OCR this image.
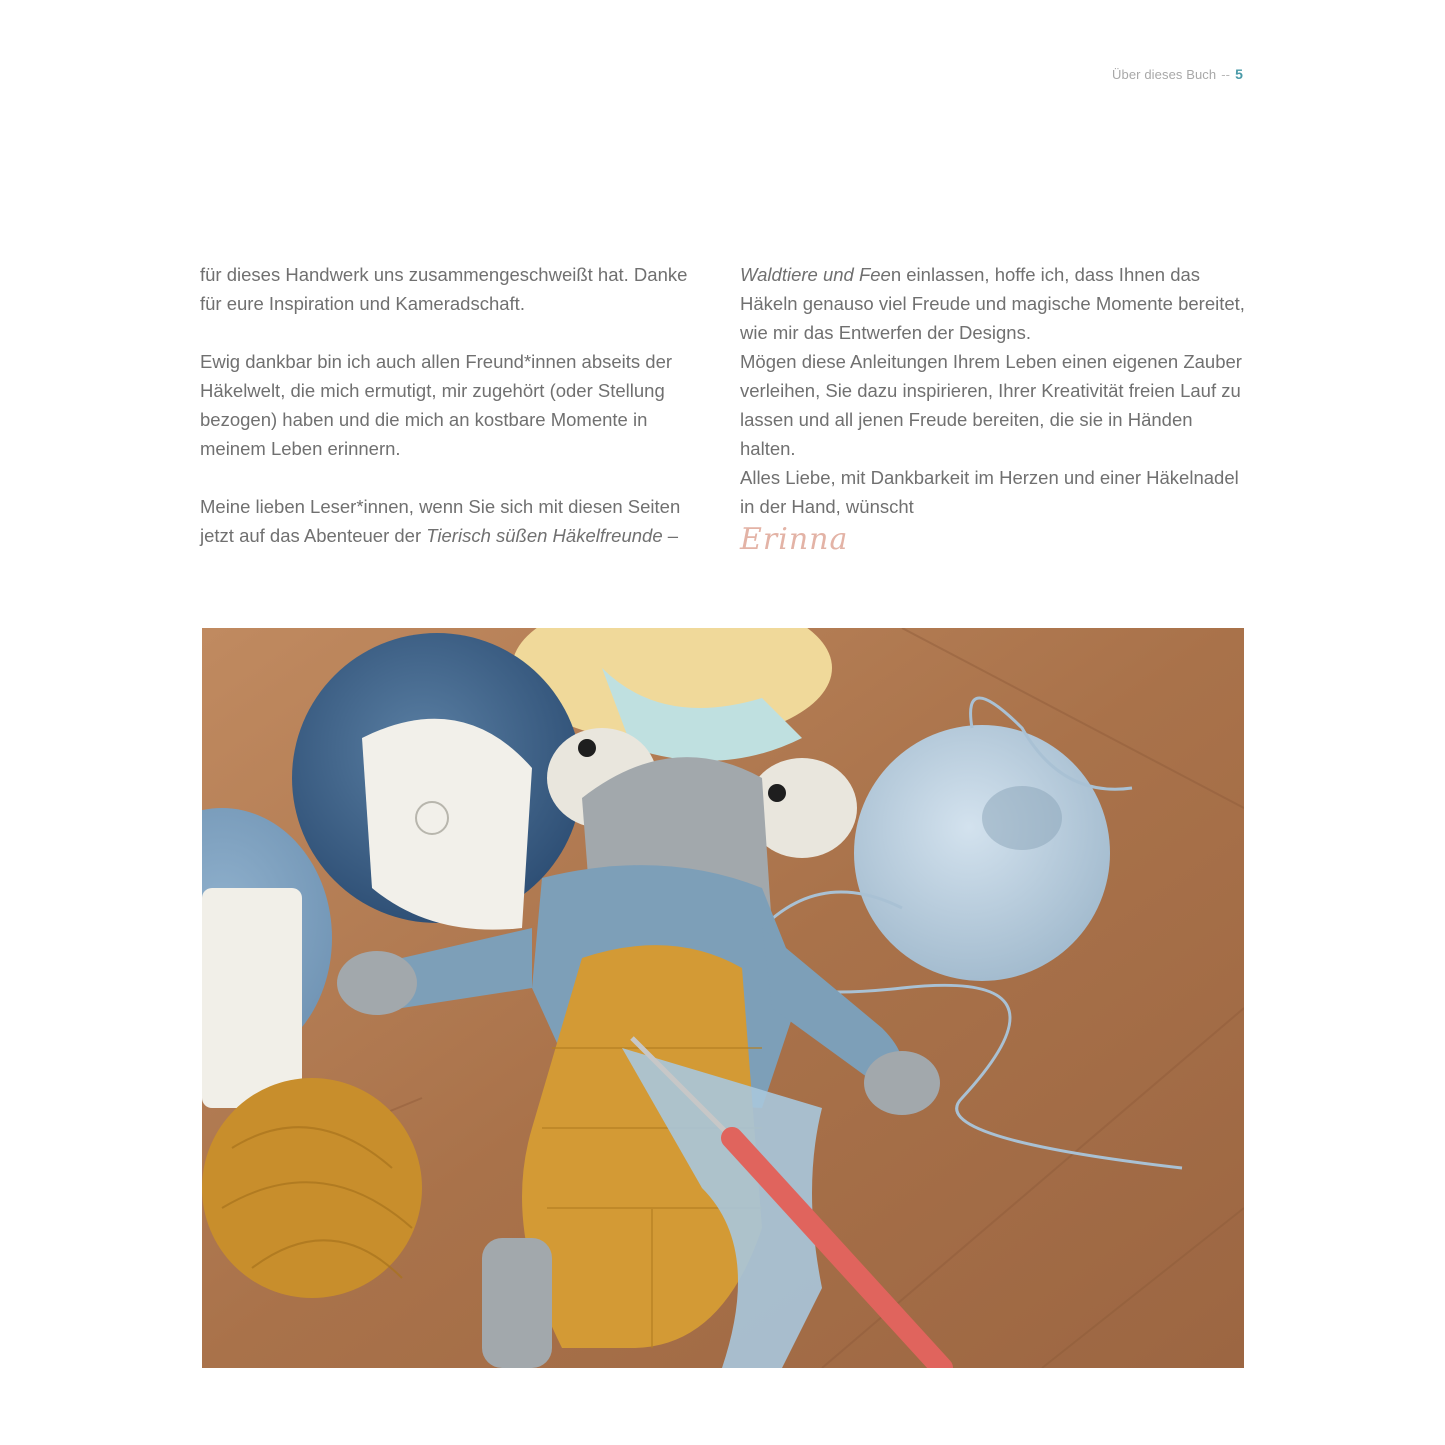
Über dieses Buch -- 5

für dieses Handwerk uns zusammengeschweißt hat. Danke für eure Inspiration und Kameradschaft.

Ewig dankbar bin ich auch allen Freund*innen abseits der Häkelwelt, die mich ermutigt, mir zugehört (oder Stellung bezogen) haben und die mich an kostbare Momente in meinem Leben erinnern.

Meine lieben Leser*innen, wenn Sie sich mit diesen Seiten jetzt auf das Abenteuer der Tierisch süßen Häkelfreunde –

Waldtiere und Feen einlassen, hoffe ich, dass Ihnen das Häkeln genauso viel Freude und magische Momente bereitet, wie mir das Entwerfen der Designs.

Mögen diese Anleitungen Ihrem Leben einen eigenen Zauber verleihen, Sie dazu inspirieren, Ihrer Kreativität freien Lauf zu lassen und all jenen Freude bereiten, die sie in Händen halten.

Alles Liebe, mit Dankbarkeit im Herzen und einer Häkelnadel in der Hand, wünscht

Erinna
